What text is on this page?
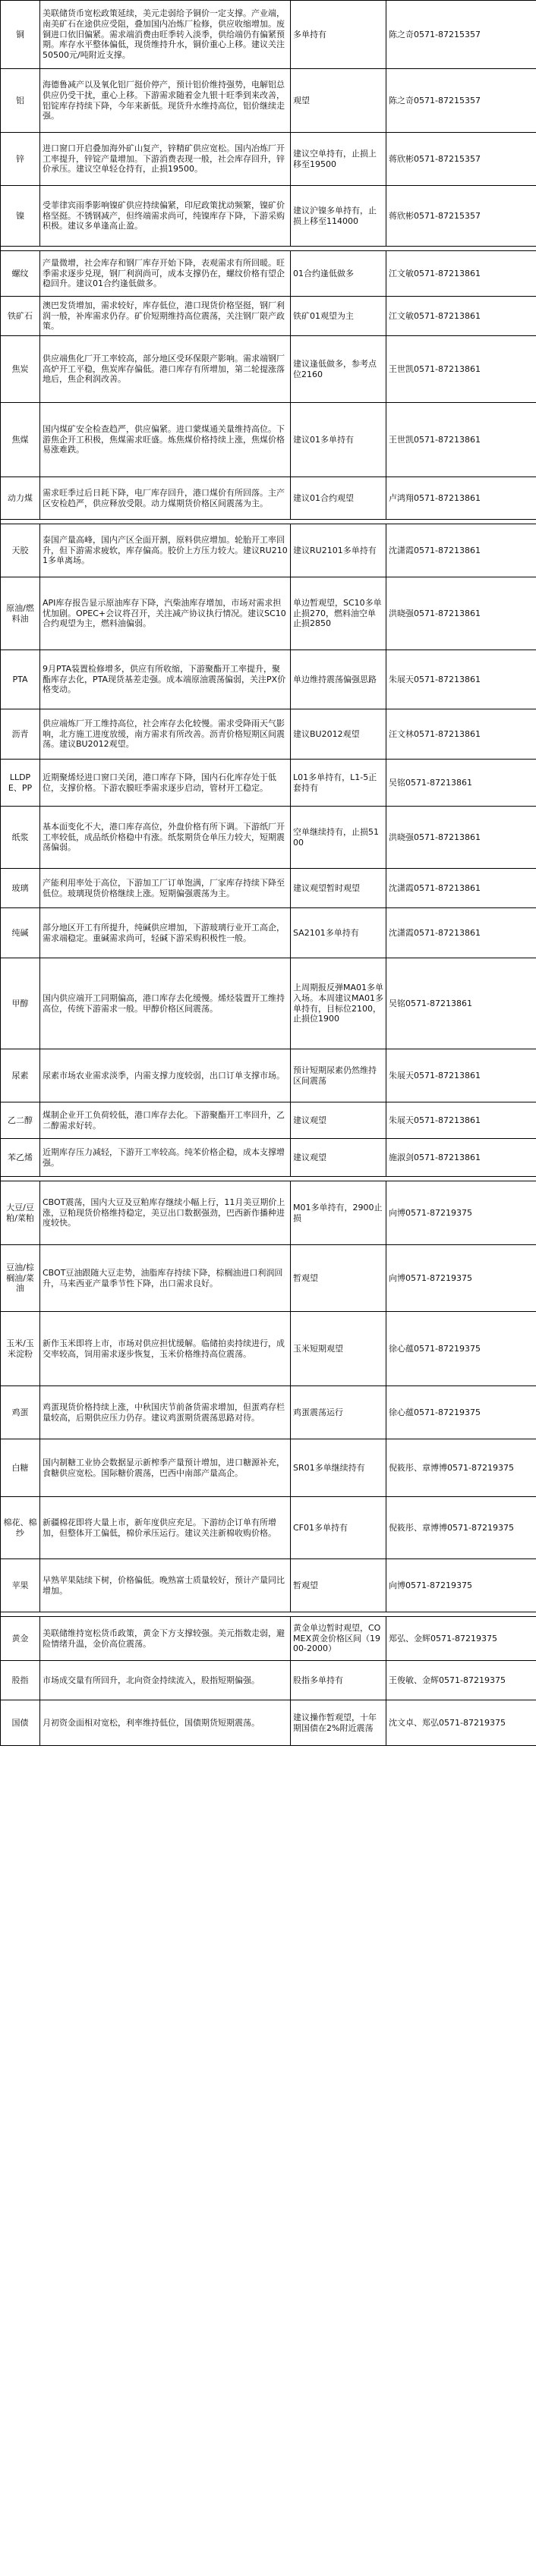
铜	美联储货币宽松政策延续，美元走弱给予铜价一定支撑。产业端，南美矿石在途供应受阻，叠加国内冶炼厂检修，供应收缩增加。废铜进口依旧偏紧。需求端消费由旺季转入淡季，供给端仍有偏紧预期。库存水平整体偏低，现货维持升水，铜价重心上移。建议关注50500元/吨附近支撑。	多单持有	陈之奇0571-87215357
铝	海德鲁减产以及氧化铝厂挺价停产，预计铝价维持强势，电解铝总供应仍受干扰，重心上移。下游需求随着金九银十旺季到来改善，铝锭库存持续下降，今年来新低。现货升水维持高位，铝价继续走强。	观望	陈之奇0571-87215357
锌	进口窗口开启叠加海外矿山复产，锌精矿供应宽松。国内冶炼厂开工率提升，锌锭产量增加。下游消费表现一般，社会库存回升，锌价承压。建议空单轻仓持有，止损19500。	建议空单持有，止损上移至19500	蒋欣彬0571-87215357
镍	受菲律宾雨季影响镍矿供应持续偏紧，印尼政策扰动频繁，镍矿价格坚挺。不锈钢减产，但终端需求尚可，纯镍库存下降，下游采购积极。建议多单逢高止盈。	建议沪镍多单持有，止损上移至114000	蒋欣彬0571-87215357

螺纹	产量微增，社会库存和钢厂库存开始下降，表观需求有所回暖。旺季需求逐步兑现，钢厂利润尚可，成本支撑仍在，螺纹价格有望企稳回升。建议01合约逢低做多。	01合约逢低做多	江文敏0571-87213861
铁矿石	澳巴发货增加，需求较好，库存低位，港口现货价格坚挺，钢厂利润一般，补库需求仍存。矿价短期维持高位震荡，关注钢厂限产政策。	铁矿01观望为主	江文敏0571-87213861
焦炭	供应端焦化厂开工率较高，部分地区受环保限产影响。需求端钢厂高炉开工平稳，焦炭库存偏低。港口库存有所增加，第二轮提涨落地后，焦企利润改善。	建议逢低做多，参考点位2160	王世凯0571-87213861
焦煤	国内煤矿安全检查趋严，供应偏紧。进口蒙煤通关量维持高位。下游焦企开工积极，焦煤需求旺盛。炼焦煤价格持续上涨，焦煤价格易涨难跌。	建议01多单持有	王世凯0571-87213861
动力煤	需求旺季过后日耗下降，电厂库存回升，港口煤价有所回落。主产区安检趋严，供应释放受限。动力煤期货价格区间震荡为主。	建议01合约观望	卢鸿翔0571-87213861

天胶	泰国产量高峰，国内产区全面开割，原料供应增加。轮胎开工率回升，但下游需求疲软，库存偏高。胶价上方压力较大。建议RU2101多单离场。	建议RU2101多单持有	沈潇霞0571-87213861
原油/燃料油	API库存报告显示原油库存下降，汽柴油库存增加，市场对需求担忧加剧。OPEC+会议将召开，关注减产协议执行情况。建议SC10合约观望为主，燃料油偏弱。	单边暂观望，SC10多单止损270，燃料油空单止损2850	洪晓强0571-87213861
PTA	9月PTA装置检修增多，供应有所收缩，下游聚酯开工率提升，聚酯库存去化，PTA现货基差走强。成本端原油震荡偏弱，关注PX价格变动。	单边维持震荡偏强思路	朱展天0571-87213861
沥青	供应端炼厂开工维持高位，社会库存去化较慢。需求受降雨天气影响，北方施工进度放缓，南方需求有所改善。沥青价格短期区间震荡。建议BU2012观望。	建议BU2012观望	汪文林0571-87213861
LLDPE、PP	近期聚烯烃进口窗口关闭，港口库存下降，国内石化库存处于低位，支撑价格。下游农膜旺季需求逐步启动，管材开工稳定。	L01多单持有，L1-5正套持有	吴铭0571-87213861
纸浆	基本面变化不大，港口库存高位，外盘价格有所下调。下游纸厂开工率较低，成品纸价格稳中有涨。纸浆期货仓单压力较大，短期震荡偏弱。	空单继续持有，止损5100	洪晓强0571-87213861
玻璃	产能利用率处于高位，下游加工厂订单饱满，厂家库存持续下降至低位。玻璃现货价格继续上涨。短期偏强震荡为主。	建议观望暂时观望	沈潇霞0571-87213861
纯碱	部分地区开工有所提升，纯碱供应增加，下游玻璃行业开工高企，需求端稳定。重碱需求尚可，轻碱下游采购积极性一般。	SA2101多单持有	沈潇霞0571-87213861
甲醇	国内供应端开工同期偏高，港口库存去化缓慢。烯烃装置开工维持高位，传统下游需求一般。甲醇价格区间震荡。	上周期报反弹MA01多单入场。本周建议MA01多单持有，目标位2100，止损位1900	吴铭0571-87213861
尿素	尿素市场农业需求淡季，内需支撑力度较弱，出口订单支撑市场。	预计短期尿素仍然维持区间震荡	朱展天0571-87213861
乙二醇	煤制企业开工负荷较低，港口库存去化。下游聚酯开工率回升，乙二醇需求好转。	建议观望	朱展天0571-87213861
苯乙烯	近期库存压力减轻，下游开工率较高。纯苯价格企稳，成本支撑增强。	建议观望	施淑剑0571-87213861

大豆/豆粕/菜粕	CBOT震荡，国内大豆及豆粕库存继续小幅上行，11月美豆期价上涨，豆粕现货价格维持稳定，美豆出口数据强劲，巴西新作播种进度较快。	M01多单持有，2900止损	向博0571-87219375
豆油/棕榈油/菜油	CBOT豆油跟随大豆走势，油脂库存持续下降，棕榈油进口利润回升，马来西亚产量季节性下降，出口需求良好。	暂观望	向博0571-87219375
玉米/玉米淀粉	新作玉米即将上市，市场对供应担忧缓解。临储拍卖持续进行，成交率较高，饲用需求逐步恢复，玉米价格维持高位震荡。	玉米短期观望	徐心蕴0571-87219375
鸡蛋	鸡蛋现货价格持续上涨，中秋国庆节前备货需求增加，但蛋鸡存栏量较高，后期供应压力仍存。建议鸡蛋期货震荡思路对待。	鸡蛋震荡运行	徐心蕴0571-87219375
白糖	国内制糖工业协会数据显示新榨季产量预计增加，进口糖源补充，食糖供应宽松。国际糖价震荡，巴西中南部产量高企。	SR01多单继续持有	倪筱彤、章博博0571-87219375
棉花、棉纱	新疆棉花即将大量上市，新年度供应充足。下游纺企订单有所增加，但整体开工偏低，棉价承压运行。建议关注新棉收购价格。	CF01多单持有	倪筱彤、章博博0571-87219375
苹果	早熟苹果陆续下树，价格偏低。晚熟富士质量较好，预计产量同比增加。	暂观望	向博0571-87219375

黄金	美联储维持宽松货币政策，黄金下方支撑较强。美元指数走弱，避险情绪升温，金价高位震荡。	黄金单边暂时观望，COMEX黄金价格区间（1900-2000）	郑弘、金辉0571-87219375
股指	市场成交量有所回升，北向资金持续流入，股指短期偏强。	股指多单持有	王俊敏、金辉0571-87219375
国债	月初资金面相对宽松，利率维持低位，国债期货短期震荡。	建议操作暂观望，十年期国债在2%附近震荡	沈文卓、郑弘0571-87219375
